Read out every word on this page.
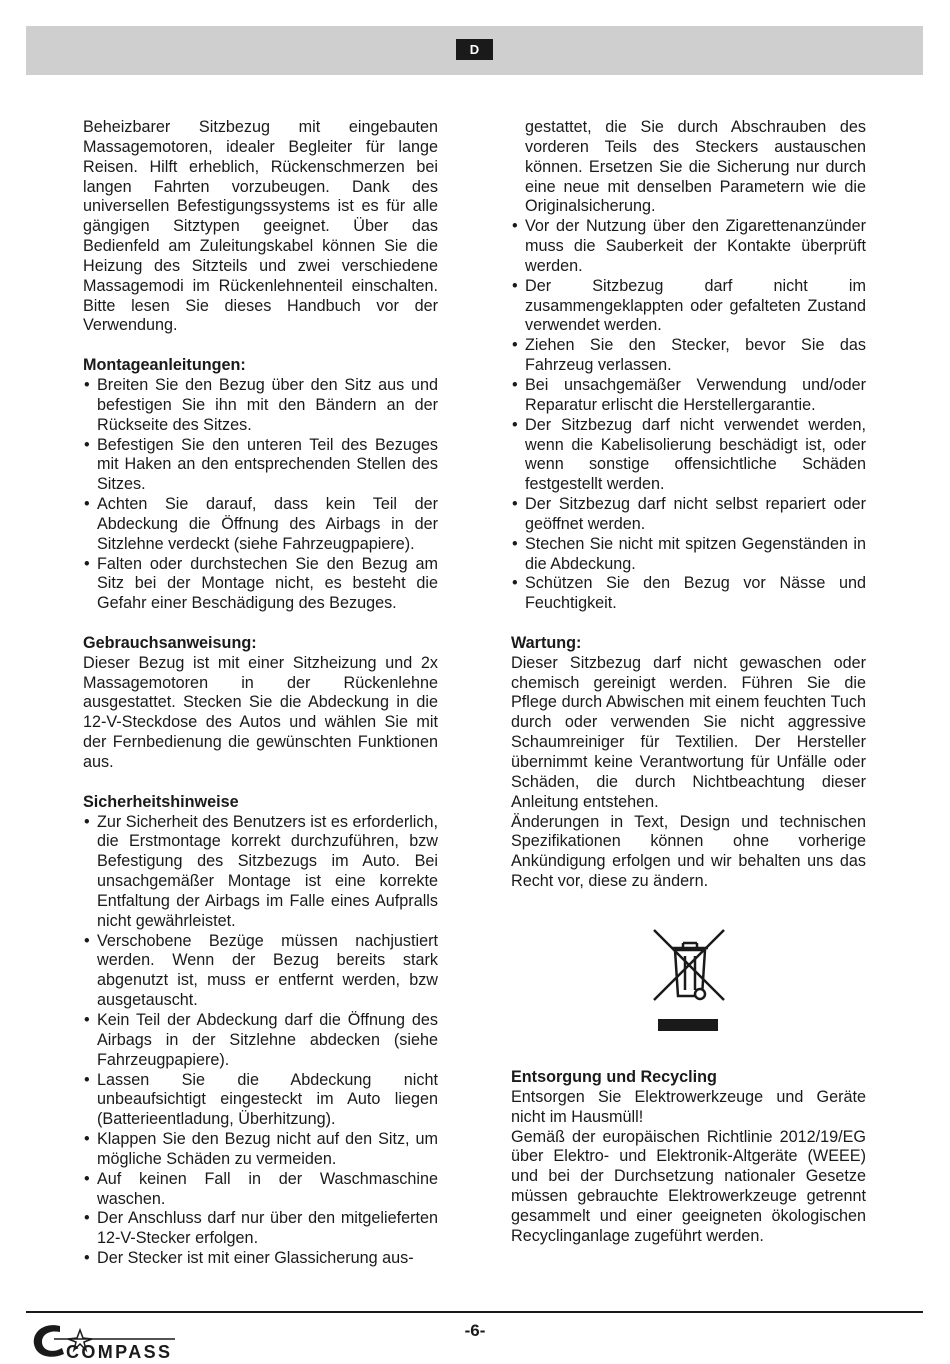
D

Beheizbarer Sitzbezug mit eingebauten Massagemotoren, idealer Begleiter für lange Reisen. Hilft erheblich, Rückenschmerzen bei langen Fahrten vorzubeugen. Dank des universellen Befestigungssystems ist es für alle gängigen Sitztypen geeignet. Über das Bedienfeld am Zuleitungskabel können Sie die Heizung des Sitzteils und zwei verschiedene Massagemodi im Rückenlehnenteil einschalten. Bitte lesen Sie dieses Handbuch vor der Verwendung.

Montageanleitungen:
• Breiten Sie den Bezug über den Sitz aus und befestigen Sie ihn mit den Bändern an der Rückseite des Sitzes.
• Befestigen Sie den unteren Teil des Bezuges mit Haken an den entsprechenden Stellen des Sitzes.
• Achten Sie darauf, dass kein Teil der Abdeckung die Öffnung des Airbags in der Sitzlehne verdeckt (siehe Fahrzeugpapiere).
• Falten oder durchstechen Sie den Bezug am Sitz bei der Montage nicht, es besteht die Gefahr einer Beschädigung des Bezuges.
Gebrauchsanweisung:

Dieser Bezug ist mit einer Sitzheizung und 2x Massagemotoren in der Rückenlehne ausgestattet. Stecken Sie die Abdeckung in die 12-V-Steckdose des Autos und wählen Sie mit der Fernbedienung die gewünschten Funktionen aus.

Sicherheitshinweise
• Zur Sicherheit des Benutzers ist es erforderlich, die Erstmontage korrekt durchzuführen, bzw Befestigung des Sitzbezugs im Auto. Bei unsachgemäßer Montage ist eine korrekte Entfaltung der Airbags im Falle eines Aufpralls nicht gewährleistet.
• Verschobene Bezüge müssen nachjustiert werden. Wenn der Bezug bereits stark abgenutzt ist, muss er entfernt werden, bzw ausgetauscht.
• Kein Teil der Abdeckung darf die Öffnung des Airbags in der Sitzlehne abdecken (siehe Fahrzeugpapiere).
• Lassen Sie die Abdeckung nicht unbeaufsichtigt eingesteckt im Auto liegen (Batterieentladung, Überhitzung).
• Klappen Sie den Bezug nicht auf den Sitz, um mögliche Schäden zu vermeiden.
• Auf keinen Fall in der Waschmaschine waschen.
• Der Anschluss darf nur über den mitgelieferten 12-V-Stecker erfolgen.
• Der Stecker ist mit einer Glassicherung aus-

gestattet, die Sie durch Abschrauben des vorderen Teils des Steckers austauschen können. Ersetzen Sie die Sicherung nur durch eine neue mit denselben Parametern wie die Originalsicherung.

• Vor der Nutzung über den Zigarettenanzünder muss die Sauberkeit der Kontakte überprüft werden.
• Der Sitzbezug darf nicht im zusammengeklappten oder gefalteten Zustand verwendet werden.
• Ziehen Sie den Stecker, bevor Sie das Fahrzeug verlassen.
• Bei unsachgemäßer Verwendung und/oder Reparatur erlischt die Herstellergarantie.
• Der Sitzbezug darf nicht verwendet werden, wenn die Kabelisolierung beschädigt ist, oder wenn sonstige offensichtliche Schäden festgestellt werden.
• Der Sitzbezug darf nicht selbst repariert oder geöffnet werden.
• Stechen Sie nicht mit spitzen Gegenständen in die Abdeckung.
• Schützen Sie den Bezug vor Nässe und Feuchtigkeit.
Wartung:

Dieser Sitzbezug darf nicht gewaschen oder chemisch gereinigt werden. Führen Sie die Pflege durch Abwischen mit einem feuchten Tuch durch oder verwenden Sie nicht aggressive Schaumreiniger für Textilien. Der Hersteller übernimmt keine Verantwortung für Unfälle oder Schäden, die durch Nichtbeachtung dieser Anleitung entstehen.

Änderungen in Text, Design und technischen Spezifikationen können ohne vorherige Ankündigung erfolgen und wir behalten uns das Recht vor, diese zu ändern.

Entsorgung und Recycling

Entsorgen Sie Elektrowerkzeuge und Geräte nicht im Hausmüll!

Gemäß der europäischen Richtlinie 2012/19/EG über Elektro- und Elektronik-Altgeräte (WEEE) und bei der Durchsetzung nationaler Gesetze müssen gebrauchte Elektrowerkzeuge getrennt gesammelt und einer geeigneten ökologischen Recyclinganlage zugeführt werden.

-6-
COMPASS
